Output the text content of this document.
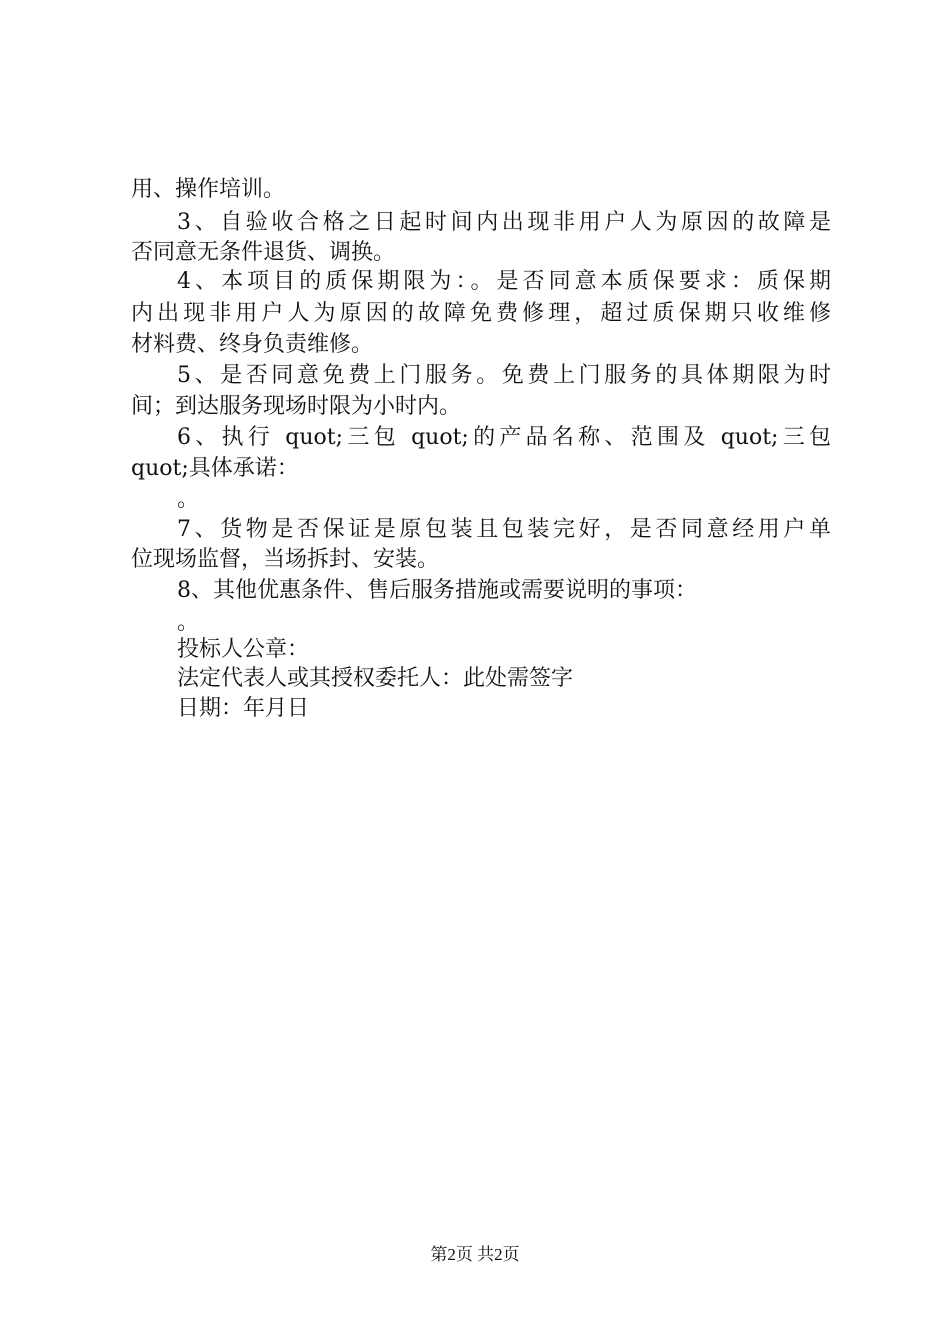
用、操作培训。
3、自验收合格之日起时间内出现非用户人为原因的故障是
否同意无条件退货、调换。
4、本项目的质保期限为：。是否同意本质保要求：质保期
内出现非用户人为原因的故障免费修理，超过质保期只收维修
材料费、终身负责维修。
5、是否同意免费上门服务。免费上门服务的具体期限为时
间；到达服务现场时限为小时内。
6、执行 quot;三包 quot;的产品名称、范围及 quot;三包
quot;具体承诺：
。
7、货物是否保证是原包装且包装完好，是否同意经用户单
位现场监督，当场拆封、安装。
8、其他优惠条件、售后服务措施或需要说明的事项：
。
投标人公章：
法定代表人或其授权委托人：此处需签字
日期：年月日
第2页 共2页
